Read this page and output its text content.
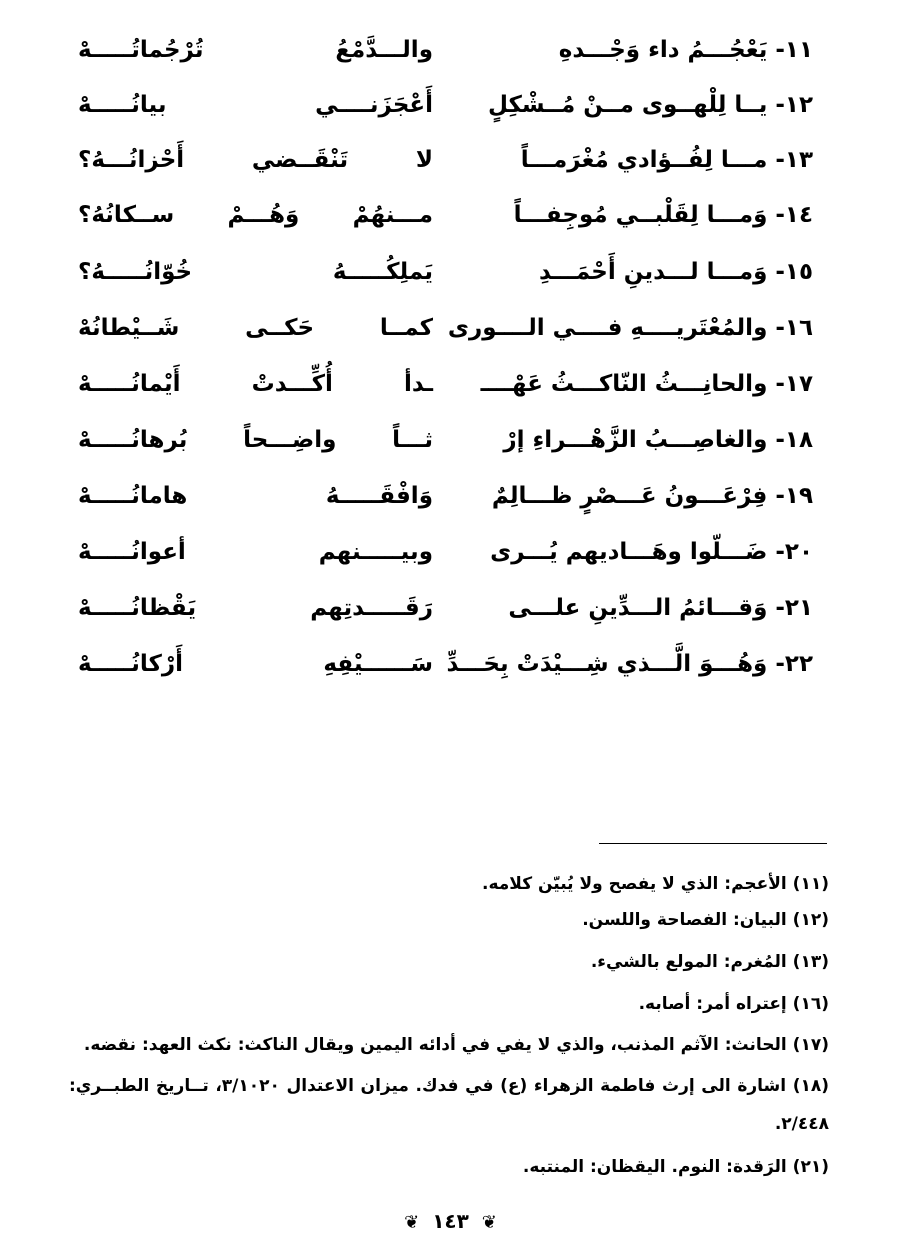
١١- يَعْجُـــمُ داء وَجْـــدهِ
والـــدَّمْعُ تُرْجُماتُـــــهْ
١٢- يــا لِلْهــوى مــنْ مُــشْكِلٍ
أَعْجَزَنــــي بيانُـــــهْ
١٣- مـــا لِفُــؤادي مُغْرَمـــاً
لا تَنْقَــضي أَحْزانُـــهُ؟
١٤- وَمـــا لِقَلْبــي مُوجِفـــاً
مـــنهُمْ وَهُـــمْ ســكانُهُ؟
١٥- وَمـــا لـــدينِ أَحْمَـــدِ
يَملِكُـــــهُ خُوّانُـــــهُ؟
١٦- والمُعْتَريــــهِ فــــي الــــورى
كمــا حَكــى شَــيْطانُهْ
١٧- والحانِـــثُ النّاكـــثُ عَهْــــ
ـدأ أُكِّـــدتْ أَيْمانُـــــهْ
١٨- والغاصِـــبُ الزَّهْـــراءِ إرْ
ثـــاً واضِـــحاً بُرهانُـــــهْ
١٩- فِرْعَـــونُ عَـــصْرٍ ظـــالِمٌ
وَافْقَـــــهُ هامانُـــــهْ
٢٠- ضَـــلّوا وهَـــاديهم يُـــرى
وبيـــــنهم أعوانُـــــهْ
٢١- وَقـــائمُ الـــدِّينِ علـــى
رَقَـــــدتِهم يَقْظانُـــــهْ
٢٢- وَهُـــوَ الَّـــذي شِـــيْدَتْ بِحَـــدِّ
سَــــــيْفِهِ أَرْكانُـــــهْ
(١١) الأعجم: الذي لا يفصح ولا يُبيّن كلامه.
(١٢) البيان: الفصاحة واللسن.
(١٣) المُغرم: المولع بالشيء.
(١٦) إعتراه أمر: أصابه.
(١٧) الحانث: الآثم المذنب، والذي لا يفي في أدائه اليمين ويقال الناكث: نكث العهد: نقضه.
(١٨) اشارة الى إرث فاطمة الزهراء (ع) في فدك. ميزان الاعتدال ٣/١٠٢٠، تــاريخ الطبــري: ٢/٤٤٨.
(٢١) الرَقدة: النوم. اليقظان: المنتبه.
❦ ١٤٣ ❦
